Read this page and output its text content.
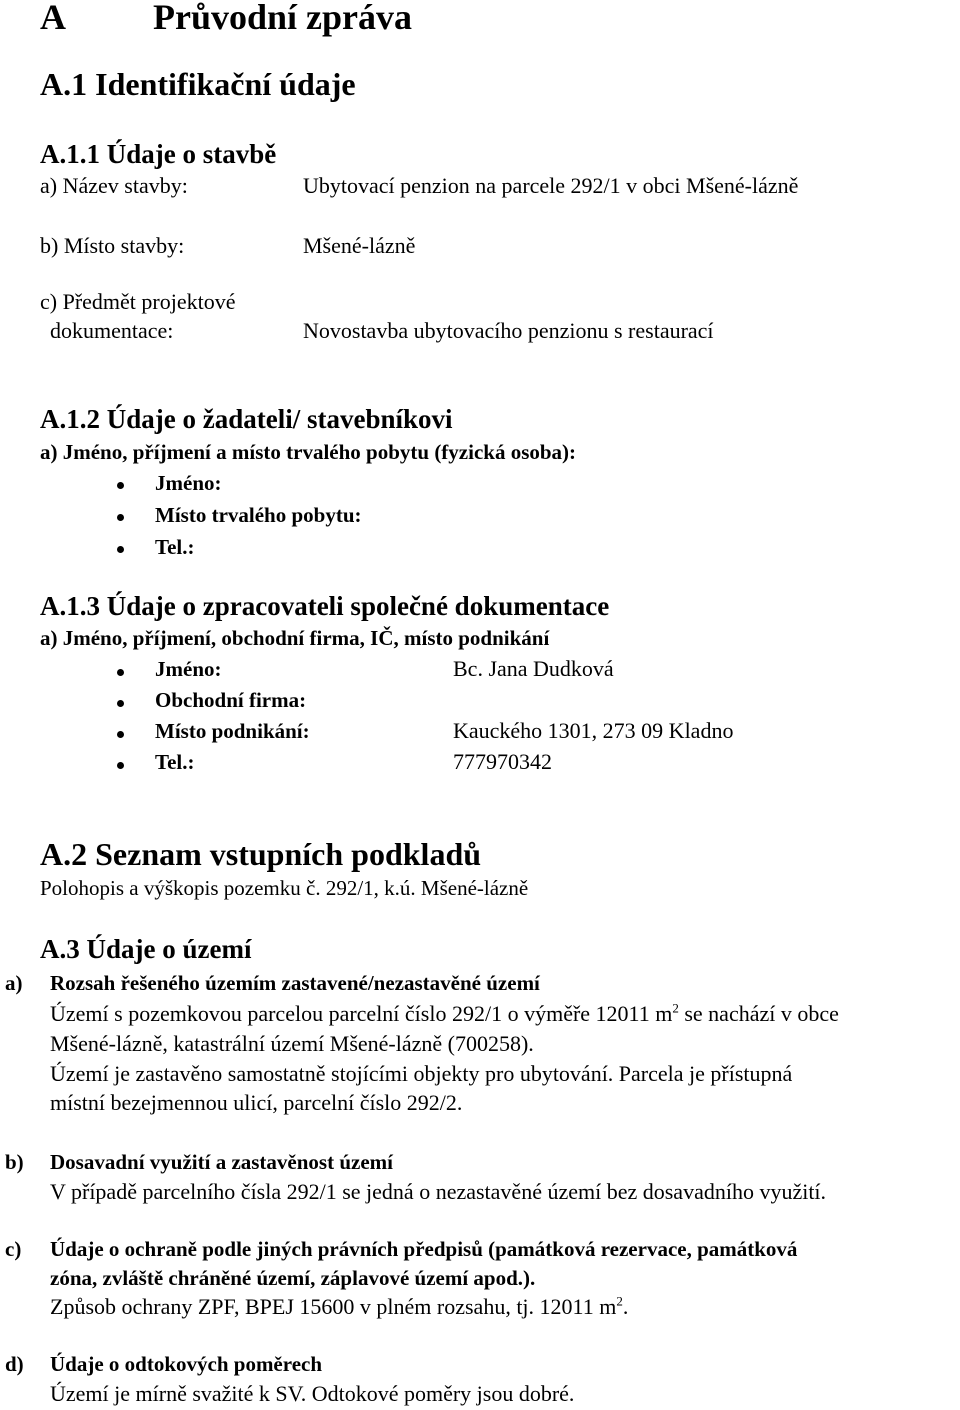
A Průvodní zpráva
A.1 Identifikační údaje
A.1.1 Údaje o stavbě
a) Název stavby:	Ubytovací penzion na parcele 292/1 v obci Mšené-lázně
b) Místo stavby:	Mšené-lázně
c) Předmět projektové
dokumentace:	Novostavba ubytovacího penzionu s restaurací
A.1.2 Údaje o žadateli/ stavebníkovi
a) Jméno, příjmení a místo trvalého pobytu (fyzická osoba):
Jméno:
Místo trvalého pobytu:
Tel.:
A.1.3 Údaje o zpracovateli společné dokumentace
a) Jméno, příjmení, obchodní firma, IČ, místo podnikání
Jméno:	Bc. Jana Dudková
Obchodní firma:
Místo podnikání:	Kauckého 1301, 273 09 Kladno
Tel.:	777970342
A.2 Seznam vstupních podkladů
Polohopis a výškopis pozemku č. 292/1, k.ú. Mšené-lázně
A.3 Údaje o území
a) Rozsah řešeného územím zastavené/nezastavěné území
Území s pozemkovou parcelou parcelní číslo 292/1 o výměře 12011 $m^2$ se nachází v obce
Mšené-lázně, katastrální území Mšené-lázně (700258).
Území je zastavěno samostatně stojícími objekty pro ubytování. Parcela je přístupná
místní bezejmennou ulicí, parcelní číslo 292/2.
b) Dosavadní využití a zastavěnost území
V případě parcelního čísla 292/1 se jedná o nezastavěné území bez dosavadního využití.
c) Údaje o ochraně podle jiných právních předpisů (památková rezervace, památková
zóna, zvláště chráněné území, záplavové území apod.).
Způsob ochrany ZPF, BPEJ 15600 v plném rozsahu, tj. 12011 $m^2$.
d) Údaje o odtokových poměrech
Území je mírně svažité k SV. Odtokové poměry jsou dobré.
